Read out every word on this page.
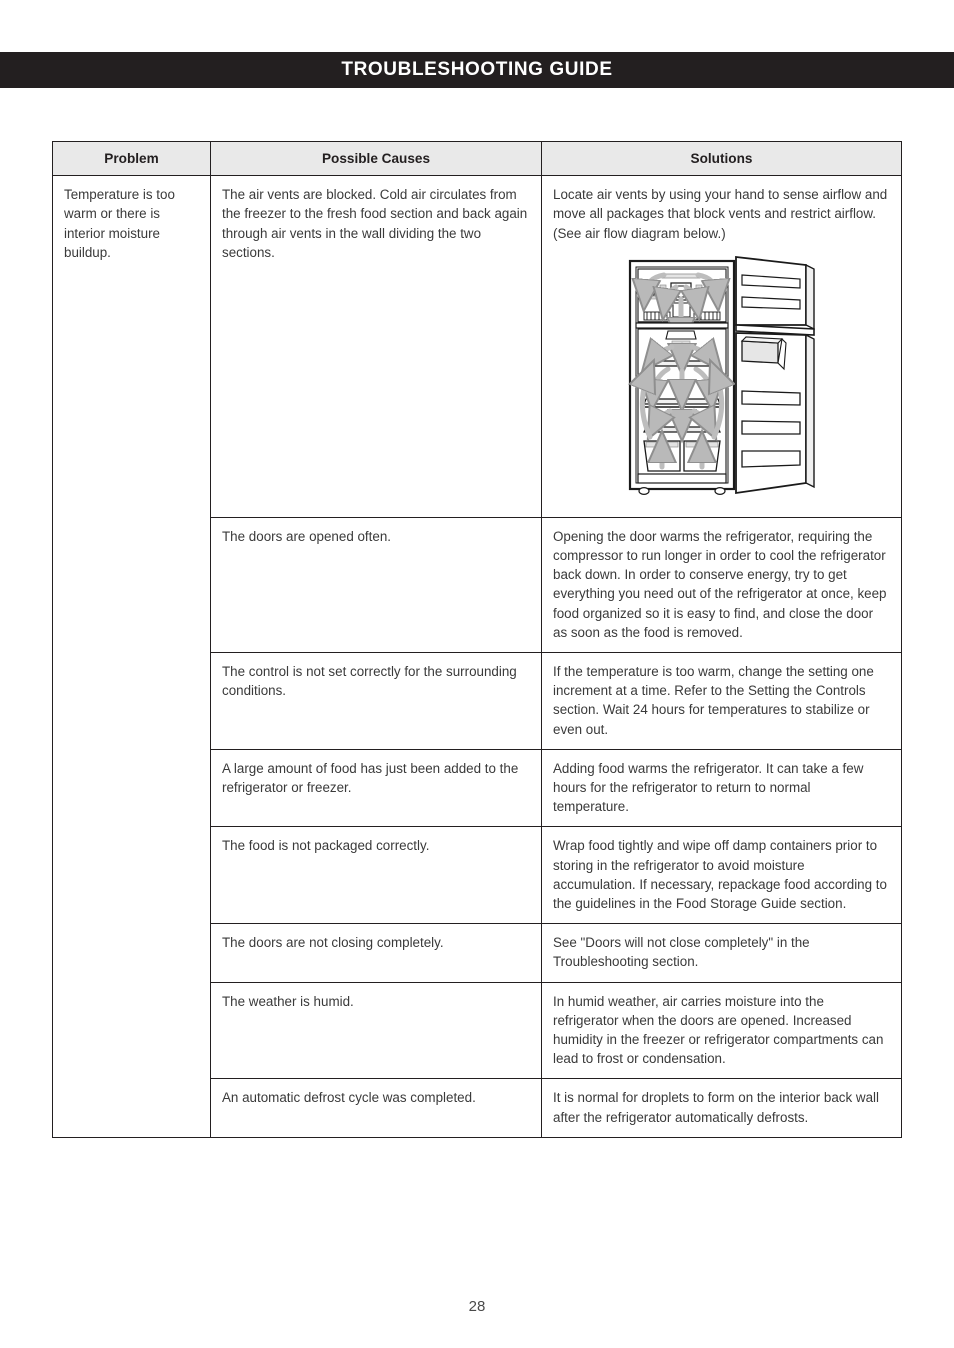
TROUBLESHOOTING GUIDE
Problem	Possible Causes	Solutions
Temperature is too warm or there is interior moisture buildup.	The air vents are blocked. Cold air circulates from the freezer to the fresh food section and back again through air vents in the wall dividing the two sections.	Locate air vents by using your hand to sense airflow and move all packages that block vents and restrict airflow. (See air flow diagram below.)

	The doors are opened often.	Opening the door warms the refrigerator, requiring the compressor to run longer in order to cool the refrigerator back down. In order to conserve energy, try to get everything you need out of the refrigerator at once, keep food organized so it is easy to find, and close the door as soon as the food is removed.

	The control is not set correctly for the surrounding conditions.	If the temperature is too warm, change the setting one increment at a time. Refer to the Setting the Controls section. Wait 24 hours for temperatures to stabilize or even out.

	A large amount of food has just been added to the refrigerator or freezer.	Adding food warms the refrigerator. It can take a few hours for the refrigerator to return to normal temperature.

	The food is not packaged correctly.	Wrap food tightly and wipe off damp containers prior to storing in the refrigerator to avoid moisture accumulation. If necessary, repackage food according to the guidelines in the Food Storage Guide section.

	The doors are not closing completely.	See "Doors will not close completely" in the Troubleshooting section.

	The weather is humid.	In humid weather, air carries moisture into the refrigerator when the doors are opened. Increased humidity in the freezer or refrigerator compartments can lead to frost or condensation.

	An automatic defrost cycle was completed.	It is normal for droplets to form on the interior back wall after the refrigerator automatically defrosts.

28
